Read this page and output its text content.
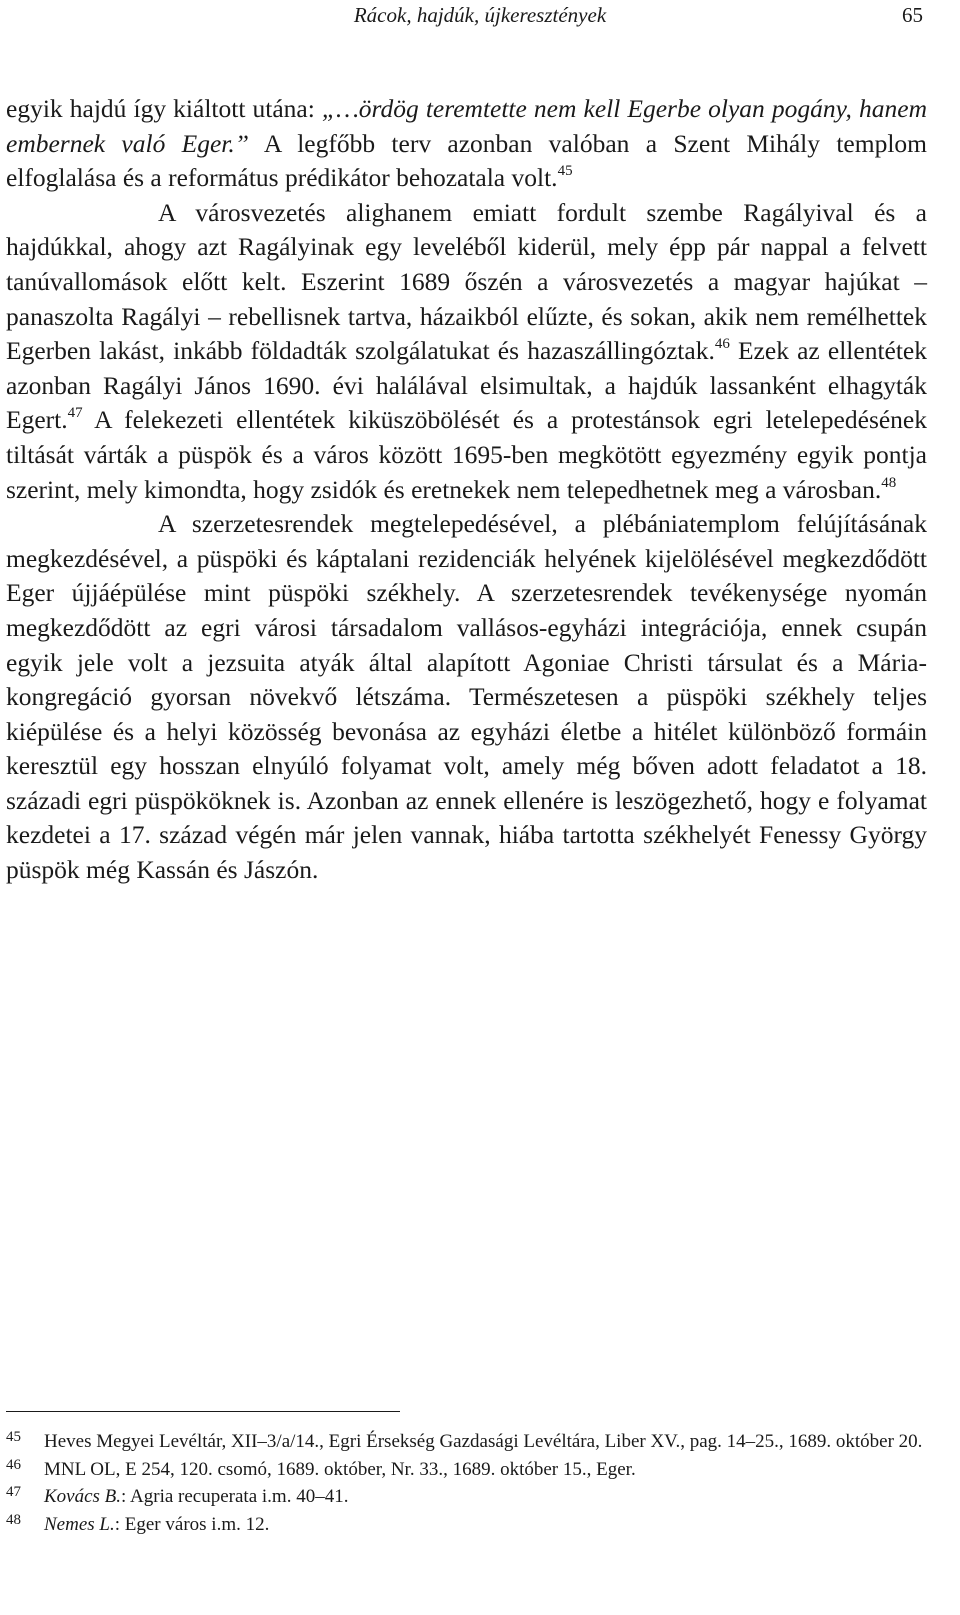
Rácok, hajdúk, újkeresztények	65

egyik hajdú így kiáltott utána: „…ördög teremtette nem kell Egerbe olyan pogány, hanem embernek való Eger.” A legfőbb terv azonban valóban a Szent Mihály templom elfoglalása és a református prédikátor behozatala volt.$^{45}$

A városvezetés alighanem emiatt fordult szembe Ragályival és a hajdúkkal, ahogy azt Ragályinak egy leveléből kiderül, mely épp pár nappal a felvett tanúvallomások előtt kelt. Eszerint 1689 őszén a városvezetés a magyar hajúkat – panaszolta Ragályi – rebellisnek tartva, házaikból elűzte, és sokan, akik nem remélhettek Egerben lakást, inkább földadták szolgálatukat és hazaszállingóztak.$^{46}$ Ezek az ellentétek azonban Ragályi János 1690. évi halálával elsimultak, a hajdúk lassanként elhagyták Egert.$^{47}$ A felekezeti ellentétek kiküszöbölését és a protestánsok egri letelepedésének tiltását várták a püspök és a város között 1695-ben megkötött egyezmény egyik pontja szerint, mely kimondta, hogy zsidók és eretnekek nem telepedhetnek meg a városban.$^{48}$

A szerzetesrendek megtelepedésével, a plébániatemplom felújításának megkezdésével, a püspöki és káptalani rezidenciák helyének kijelölésével megkezdődött Eger újjáépülése mint püspöki székhely. A szerzetesrendek tevékenysége nyomán megkezdődött az egri városi társadalom vallásos-egyházi integrációja, ennek csupán egyik jele volt a jezsuita atyák által alapított Agoniae Christi társulat és a Mária-kongregáció gyorsan növekvő létszáma. Természetesen a püspöki székhely teljes kiépülése és a helyi közösség bevonása az egyházi életbe a hitélet különböző formáin keresztül egy hosszan elnyúló folyamat volt, amely még bőven adott feladatot a 18. századi egri püspököknek is. Azonban az ennek ellenére is leszögezhető, hogy e folyamat kezdetei a 17. század végén már jelen vannak, hiába tartotta székhelyét Fenessy György püspök még Kassán és Jászón.

45 Heves Megyei Levéltár, XII–3/a/14., Egri Érsekség Gazdasági Levéltára, Liber XV., pag. 14–25., 1689. október 20.

46 MNL OL, E 254, 120. csomó, 1689. október, Nr. 33., 1689. október 15., Eger.

47 Kovács B.: Agria recuperata i.m. 40–41.

48 Nemes L.: Eger város i.m. 12.
